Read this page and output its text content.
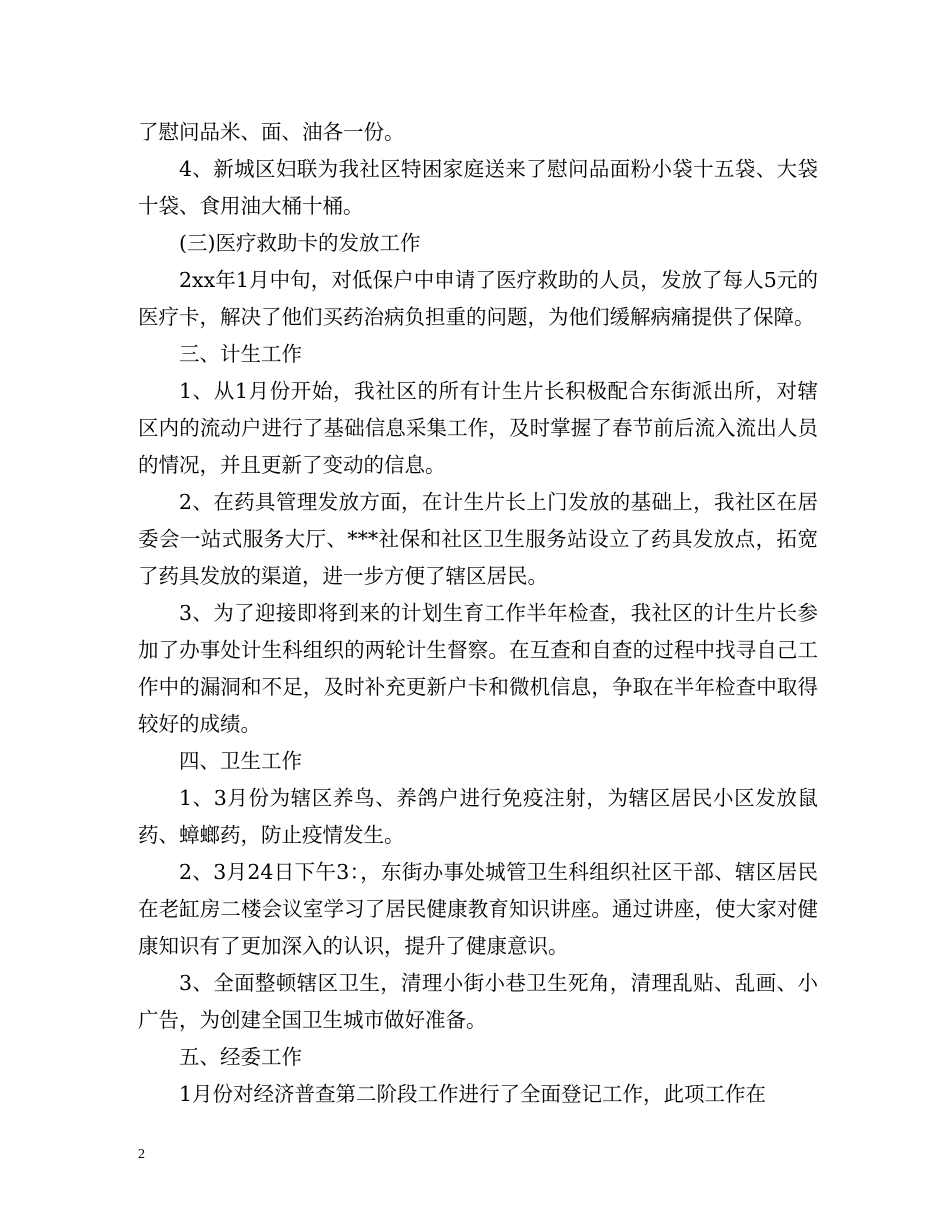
了慰问品米、面、油各一份。

4、新城区妇联为我社区特困家庭送来了慰问品面粉小袋十五袋、大袋十袋、食用油大桶十桶。

(三)医疗救助卡的发放工作

2xx年1月中旬，对低保户中申请了医疗救助的人员，发放了每人5元的医疗卡，解决了他们买药治病负担重的问题，为他们缓解病痛提供了保障。

三、计生工作

1、从1月份开始，我社区的所有计生片长积极配合东街派出所，对辖区内的流动户进行了基础信息采集工作，及时掌握了春节前后流入流出人员的情况，并且更新了变动的信息。

2、在药具管理发放方面，在计生片长上门发放的基础上，我社区在居委会一站式服务大厅、***社保和社区卫生服务站设立了药具发放点，拓宽了药具发放的渠道，进一步方便了辖区居民。

3、为了迎接即将到来的计划生育工作半年检查，我社区的计生片长参加了办事处计生科组织的两轮计生督察。在互查和自查的过程中找寻自己工作中的漏洞和不足，及时补充更新户卡和微机信息，争取在半年检查中取得较好的成绩。

四、卫生工作

1、3月份为辖区养鸟、养鸽户进行免疫注射，为辖区居民小区发放鼠药、蟑螂药，防止疫情发生。

2、3月24日下午3：，东街办事处城管卫生科组织社区干部、辖区居民在老缸房二楼会议室学习了居民健康教育知识讲座。通过讲座，使大家对健康知识有了更加深入的认识，提升了健康意识。

3、全面整顿辖区卫生，清理小街小巷卫生死角，清理乱贴、乱画、小广告，为创建全国卫生城市做好准备。

五、经委工作

1月份对经济普查第二阶段工作进行了全面登记工作，此项工作在

2
